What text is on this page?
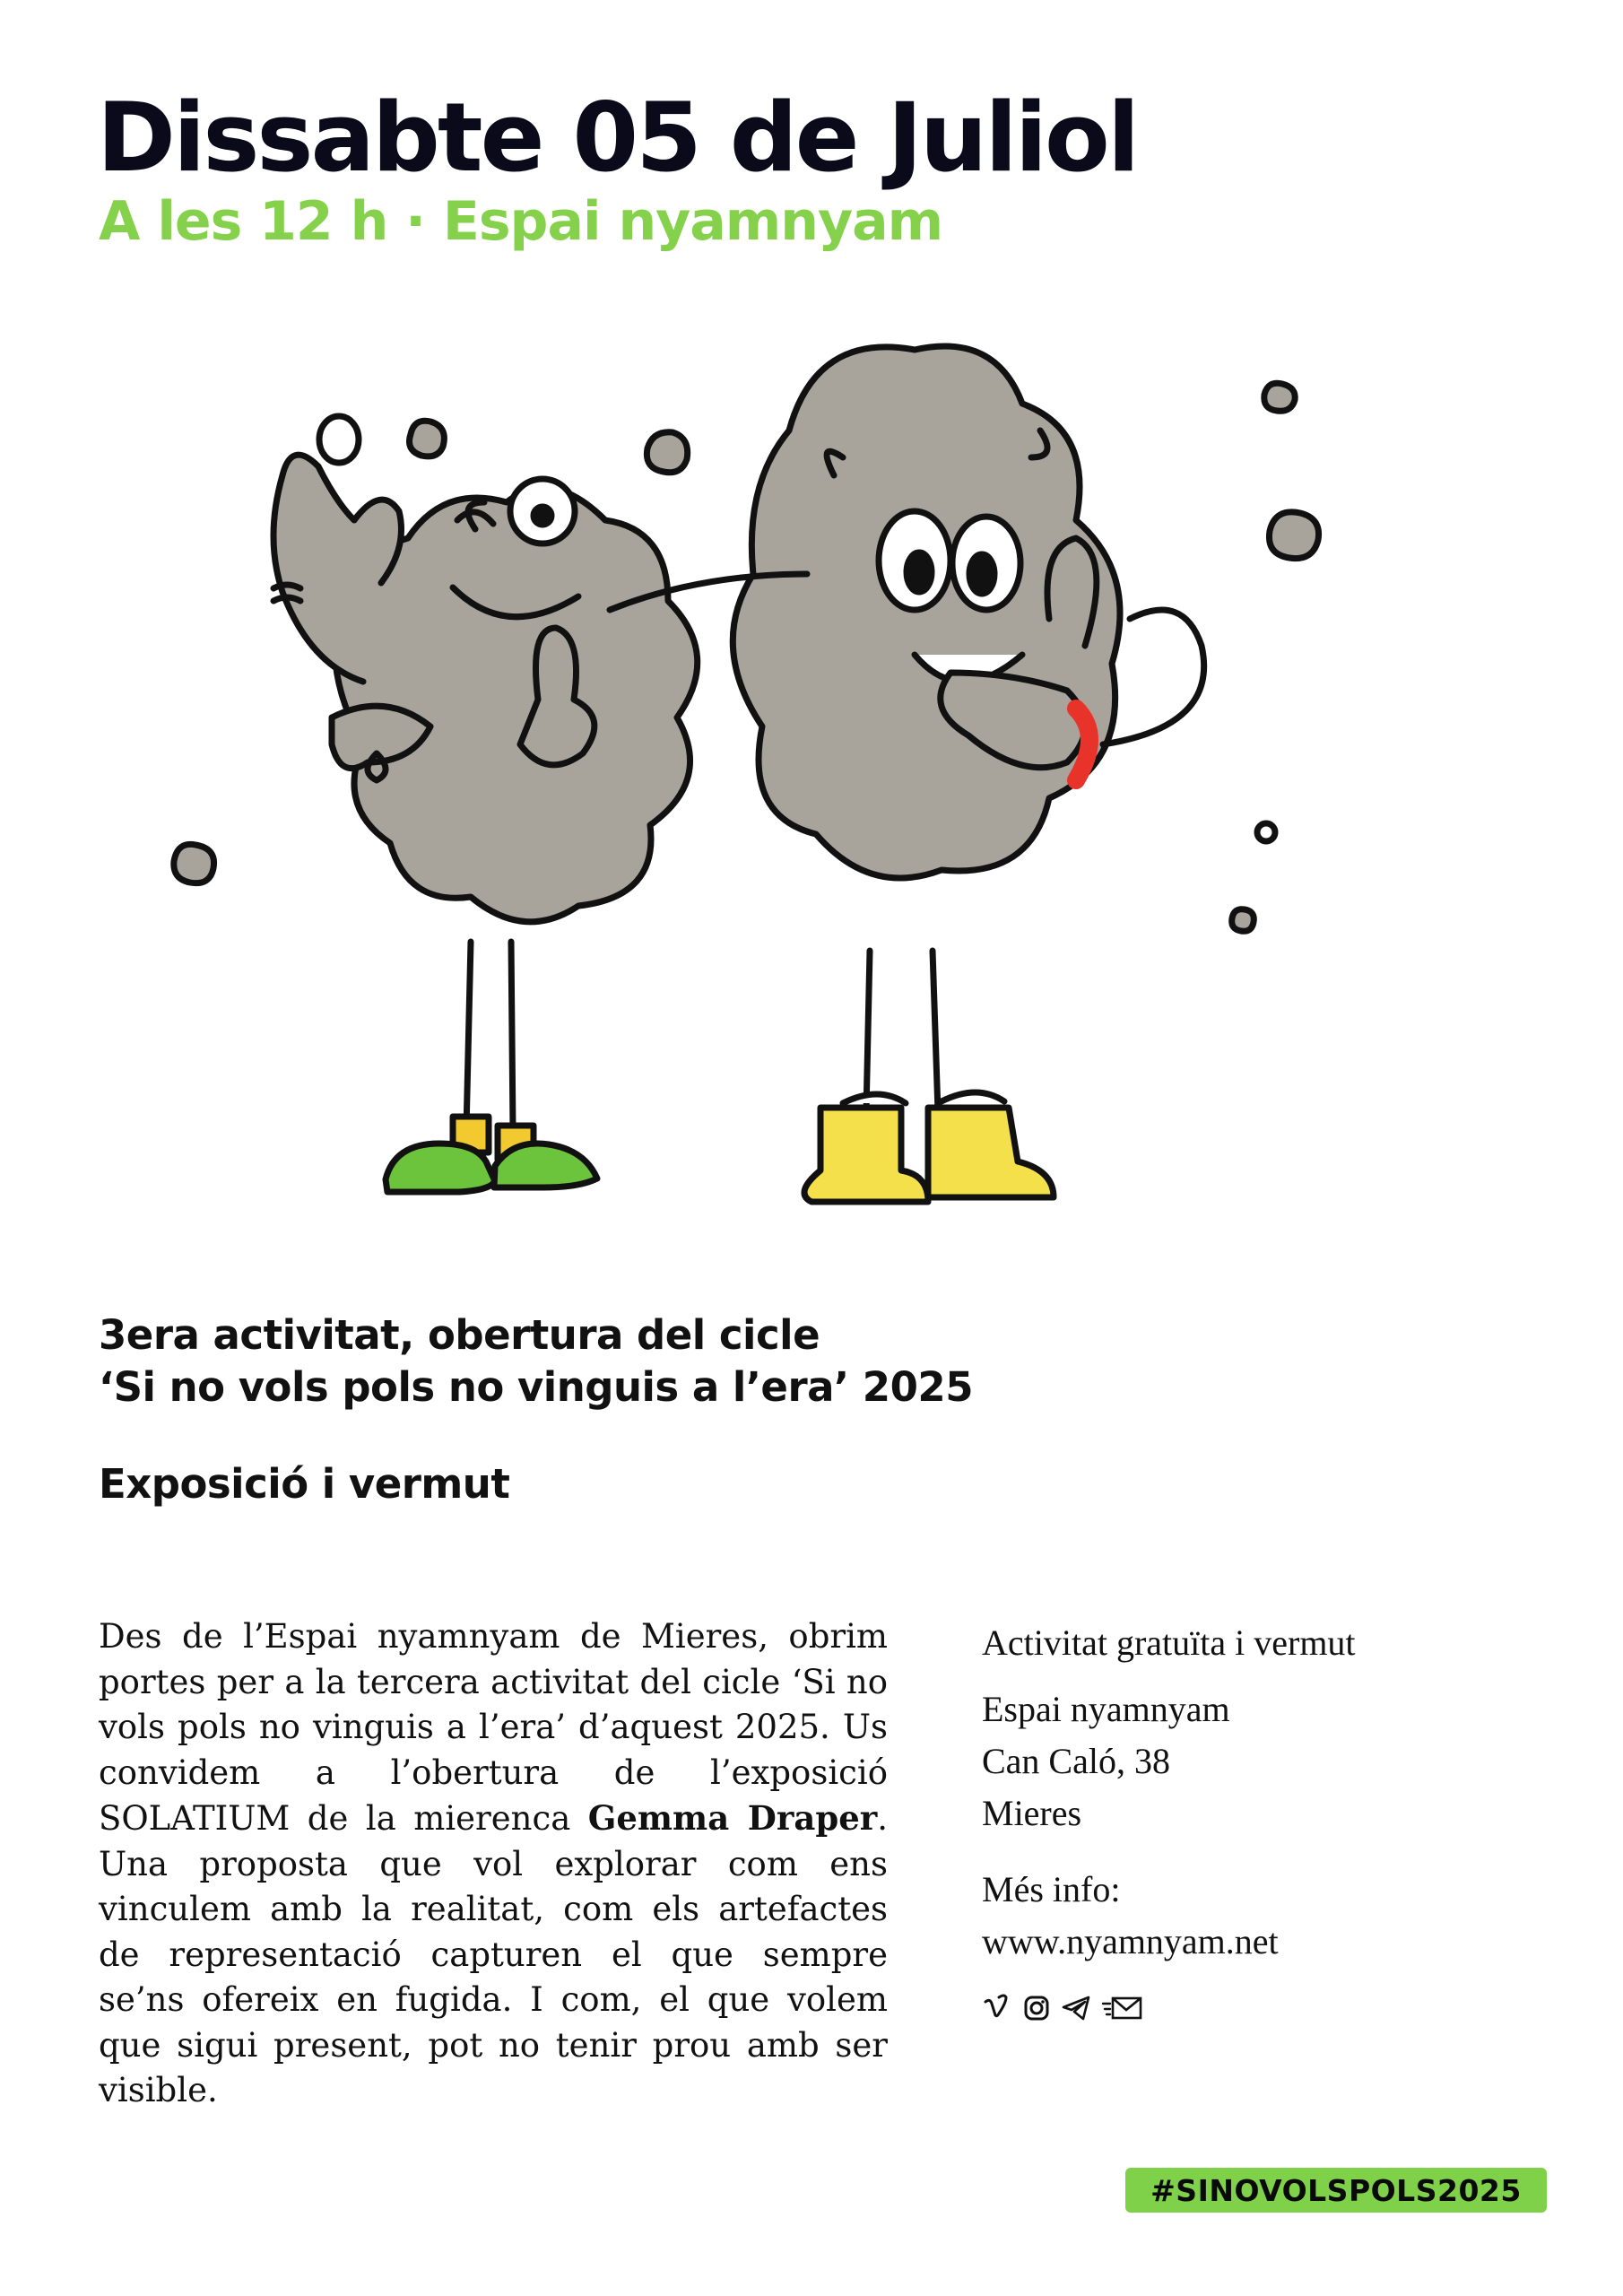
Dissabte 05 de Juliol
A les 12 h · Espai nyamnyam
3era activitat, obertura del cicle
‘Si no vols pols no vinguis a l’era’ 2025
Exposició i vermut
Des de l’Espai nyamnyam de Mieres, obrim portes per a la tercera activitat del cicle ‘Si no vols pols no vinguis a l’era’ d’aquest 2025. Us convidem a l’obertura de l’exposició SOLATIUM de la mierenca Gemma Draper. Una proposta que vol explorar com ens vinculem amb la realitat, com els artefactes de representació capturen el que sempre se’ns ofereix en fugida. I com, el que volem que sigui present, pot no tenir prou amb ser visible.
Activitat gratuïta i vermut
Espai nyamnyam
Can Caló, 38
Mieres
Més info:
www.nyamnyam.net
#SINOVOLSPOLS2025
